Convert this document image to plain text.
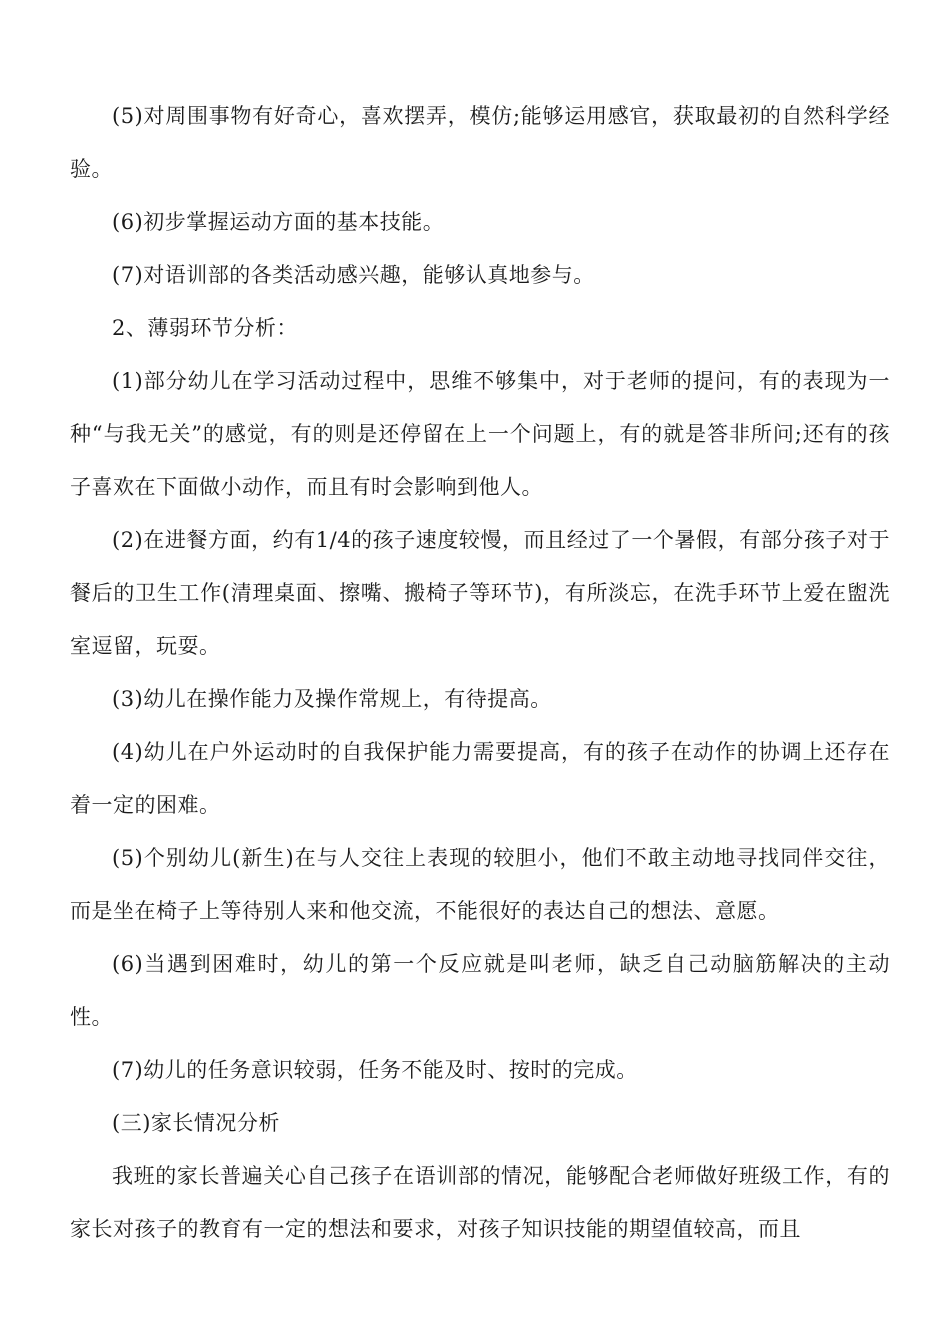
(5)对周围事物有好奇心，喜欢摆弄，模仿;能够运用感官，获取最初的自然科学经验。

(6)初步掌握运动方面的基本技能。

(7)对语训部的各类活动感兴趣，能够认真地参与。

2、薄弱环节分析：

(1)部分幼儿在学习活动过程中，思维不够集中，对于老师的提问，有的表现为一种“与我无关”的感觉，有的则是还停留在上一个问题上，有的就是答非所问;还有的孩子喜欢在下面做小动作，而且有时会影响到他人。

(2)在进餐方面，约有1/4的孩子速度较慢，而且经过了一个暑假，有部分孩子对于餐后的卫生工作(清理桌面、擦嘴、搬椅子等环节)，有所淡忘，在洗手环节上爱在盥洗室逗留，玩耍。

(3)幼儿在操作能力及操作常规上，有待提高。

(4)幼儿在户外运动时的自我保护能力需要提高，有的孩子在动作的协调上还存在着一定的困难。

(5)个别幼儿(新生)在与人交往上表现的较胆小，他们不敢主动地寻找同伴交往，而是坐在椅子上等待别人来和他交流，不能很好的表达自己的想法、意愿。

(6)当遇到困难时，幼儿的第一个反应就是叫老师，缺乏自己动脑筋解决的主动性。

(7)幼儿的任务意识较弱，任务不能及时、按时的完成。

(三)家长情况分析

我班的家长普遍关心自己孩子在语训部的情况，能够配合老师做好班级工作，有的家长对孩子的教育有一定的想法和要求，对孩子知识技能的期望值较高，而且
